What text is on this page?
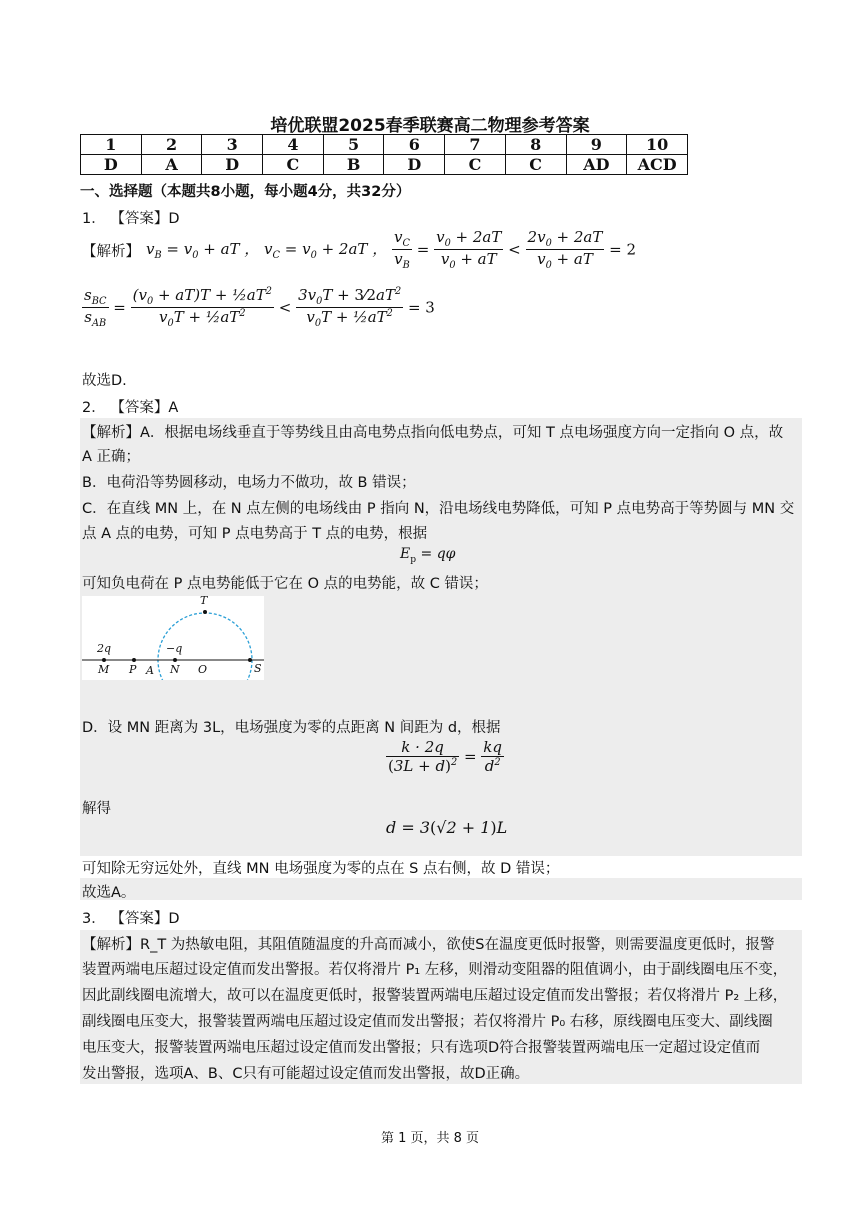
培优联盟2025春季联赛高二物理参考答案
1	2	3	4	5	6	7	8	9	10
D	A	D	C	B	D	C	C	AD	ACD
一、选择题（本题共8小题，每小题4分，共32分）
1． 【答案】D
【解析】 $v_B = v_0$ + aT ， $v_C = v_0 + 2aT$ ， $\frac{v_C}{v_B} = \frac{v_0 + 2aT}{v_0 + aT} < \frac{2v_0 + 2aT}{v_0 + aT} = 2$
$\frac{s_{BC}}{s_{AB}} = \frac{(v_0 + aT)T + \frac{1}{2}aT^2}{v_0T + \frac{1}{2}aT^2} < \frac{3v_0T + 3⁄2aT^2}{v_0T + \frac{1}{2}aT^2} = 3$
故选D.
2． 【答案】A
【解析】A．根据电场线垂直于等势线且由高电势点指向低电势点，可知 T 点电场强度方向一定指向 O 点，故
A 正确；
B．电荷沿等势圆移动，电场力不做功，故 B 错误；
C．在直线 MN 上，在 N 点左侧的电场线由 P 指向 N，沿电场线电势降低，可知 P 点电势高于等势圆与 MN 交
点 A 点的电势，可知 P 点电势高于 T 点的电势，根据
$E_p = q\varphi$
可知负电荷在 P 点电势能低于它在 O 点的电势能，故 C 错误；
T
2q	−q
M P A N O	S
D．设 MN 距离为 3L，电场强度为零的点距离 N 间距为 d，根据
$\frac{k \cdot 2q}{(3L + d)^2} = \frac{kq}{d^2}$
解得
d = 3(√2 + 1)L
可知除无穷远处外，直线 MN 电场强度为零的点在 S 点右侧，故 D 错误；
故选A。
3． 【答案】D
【解析】R_T 为热敏电阻，其阻值随温度的升高而减小，欲使S在温度更低时报警，则需要温度更低时，报警
装置两端电压超过设定值而发出警报。若仅将滑片 P₁ 左移，则滑动变阻器的阻值调小，由于副线圈电压不变，
因此副线圈电流增大，故可以在温度更低时，报警装置两端电压超过设定值而发出警报；若仅将滑片 P₂ 上移，
副线圈电压变大，报警装置两端电压超过设定值而发出警报；若仅将滑片 P₀ 右移，原线圈电压变大、副线圈
电压变大，报警装置两端电压超过设定值而发出警报；只有选项D符合报警装置两端电压一定超过设定值而
发出警报，选项A、B、C只有可能超过设定值而发出警报，故D正确。
第 1 页，共 8 页
